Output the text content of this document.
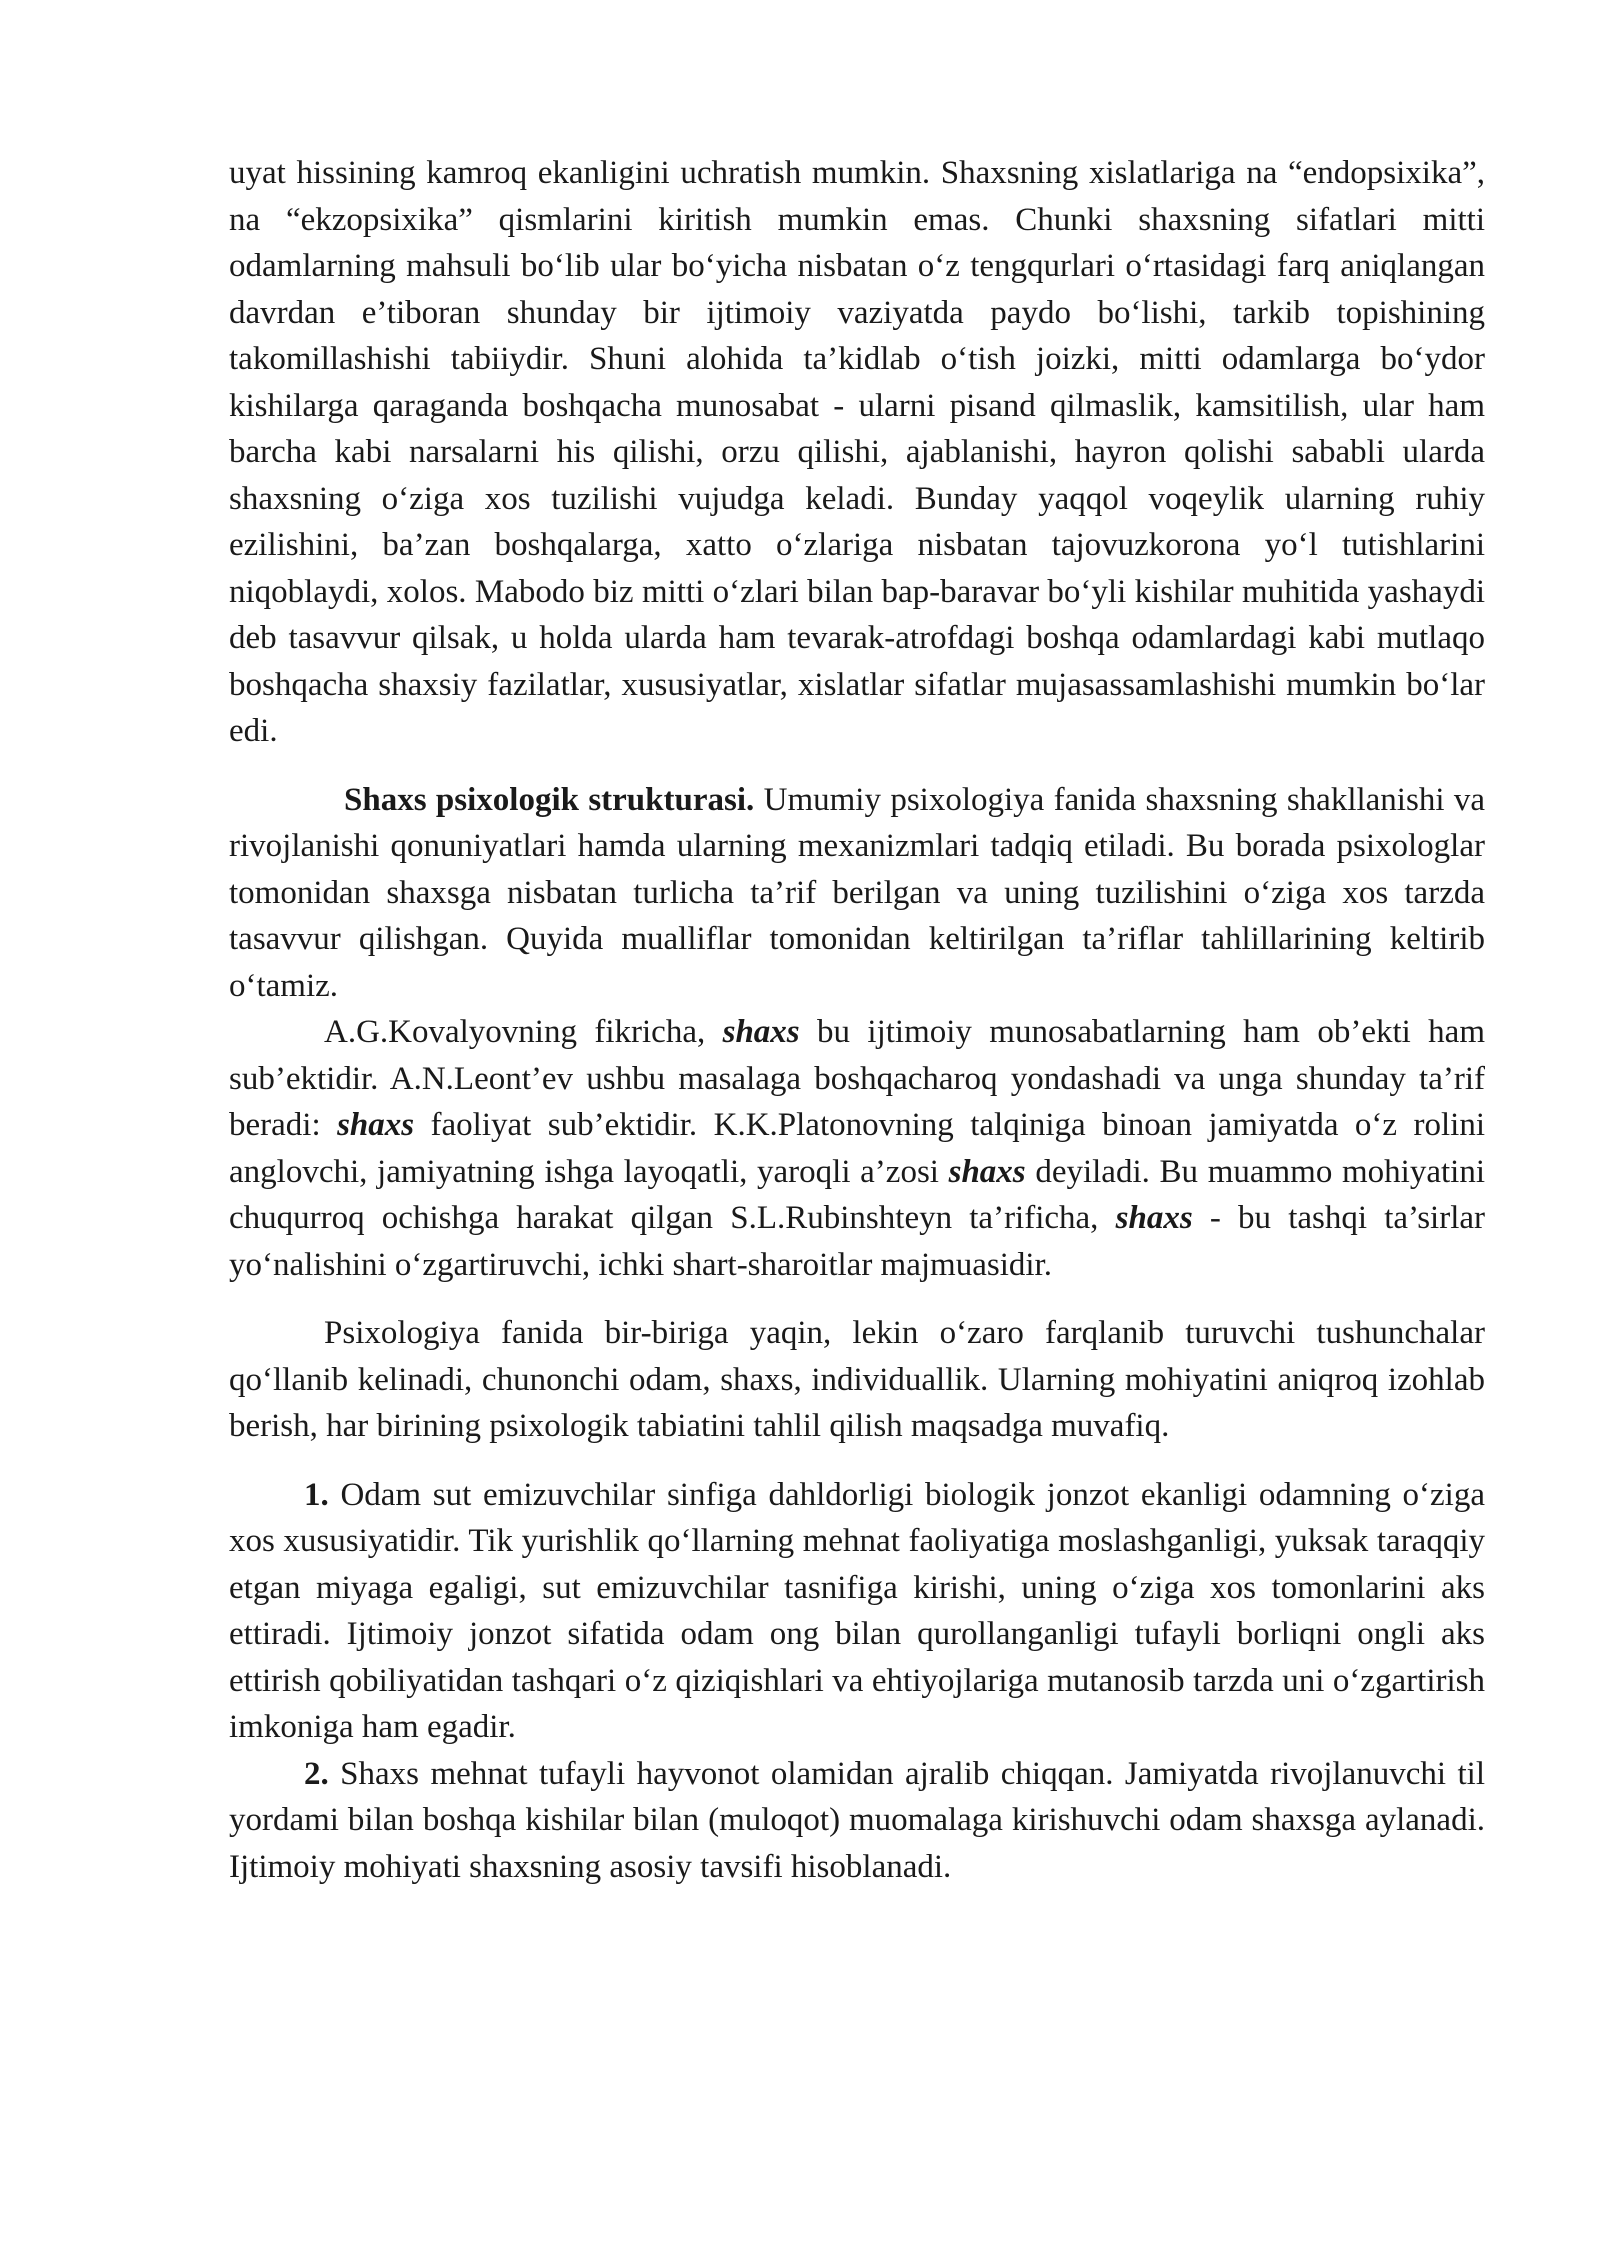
uyat hissining kamroq ekanligini uchratish mumkin. Shaxsning xislatlariga na “endopsixika”, na “ekzopsixika” qismlarini kiritish mumkin emas. Chunki shaxsning sifatlari mitti odamlarning mahsuli bo‘lib ular bo‘yicha nisbatan o‘z tengqurlari o‘rtasidagi farq aniqlangan davrdan e’tiboran shunday bir ijtimoiy vaziyatda paydo bo‘lishi, tarkib topishining takomillashishi tabiiydir. Shuni alohida ta’kidlab o‘tish joizki, mitti odamlarga bo‘ydor kishilarga qaraganda boshqacha munosabat - ularni pisand qilmaslik, kamsitilish, ular ham barcha kabi narsalarni his qilishi, orzu qilishi, ajablanishi, hayron qolishi sababli ularda shaxsning o‘ziga xos tuzilishi vujudga keladi. Bunday yaqqol voqeylik ularning ruhiy ezilishini, ba’zan boshqalarga, xatto o‘zlariga nisbatan tajovuzkorona yo‘l tutishlarini niqoblaydi, xolos. Mabodo biz mitti o‘zlari bilan bap-baravar bo‘yli kishilar muhitida yashaydi deb tasavvur qilsak, u holda ularda ham tevarak-atrofdagi boshqa odamlardagi kabi mutlaqo boshqacha shaxsiy fazilatlar, xususiyatlar, xislatlar sifatlar mujasassamlashishi mumkin bo‘lar edi.

Shaxs psixologik strukturasi. Umumiy psixologiya fanida shaxsning shakllanishi va rivojlanishi qonuniyatlari hamda ularning mexanizmlari tadqiq etiladi. Bu borada psixologlar tomonidan shaxsga nisbatan turlicha ta’rif berilgan va uning tuzilishini o‘ziga xos tarzda tasavvur qilishgan. Quyida mualliflar tomonidan keltirilgan ta’riflar tahlillarining keltirib o‘tamiz.

A.G.Kovalyovning fikricha, shaxs bu ijtimoiy munosabatlarning ham ob’ekti ham sub’ektidir. A.N.Leont’ev ushbu masalaga boshqacharoq yondashadi va unga shunday ta’rif beradi: shaxs faoliyat sub’ektidir. K.K.Platonovning talqiniga binoan jamiyatda o‘z rolini anglovchi, jamiyatning ishga layoqatli, yaroqli a’zosi shaxs deyiladi. Bu muammo mohiyatini chuqurroq ochishga harakat qilgan S.L.Rubinshteyn ta’rificha, shaxs - bu tashqi ta’sirlar yo‘nalishini o‘zgartiruvchi, ichki shart-sharoitlar majmuasidir.

Psixologiya fanida bir-biriga yaqin, lekin o‘zaro farqlanib turuvchi tushunchalar qo‘llanib kelinadi, chunonchi odam, shaxs, individuallik. Ularning mohiyatini aniqroq izohlab berish, har birining psixologik tabiatini tahlil qilish maqsadga muvafiq.

1. Odam sut emizuvchilar sinfiga dahldorligi biologik jonzot ekanligi odamning o‘ziga xos xususiyatidir. Tik yurishlik qo‘llarning mehnat faoliyatiga moslashganligi, yuksak taraqqiy etgan miyaga egaligi, sut emizuvchilar tasnifiga kirishi, uning o‘ziga xos tomonlarini aks ettiradi. Ijtimoiy jonzot sifatida odam ong bilan qurollanganligi tufayli borliqni ongli aks ettirish qobiliyatidan tashqari o‘z qiziqishlari va ehtiyojlariga mutanosib tarzda uni o‘zgartirish imkoniga ham egadir.

2. Shaxs mehnat tufayli hayvonot olamidan ajralib chiqqan. Jamiyatda rivojlanuvchi til yordami bilan boshqa kishilar bilan (muloqot) muomalaga kirishuvchi odam shaxsga aylanadi. Ijtimoiy mohiyati shaxsning asosiy tavsifi hisoblanadi.
